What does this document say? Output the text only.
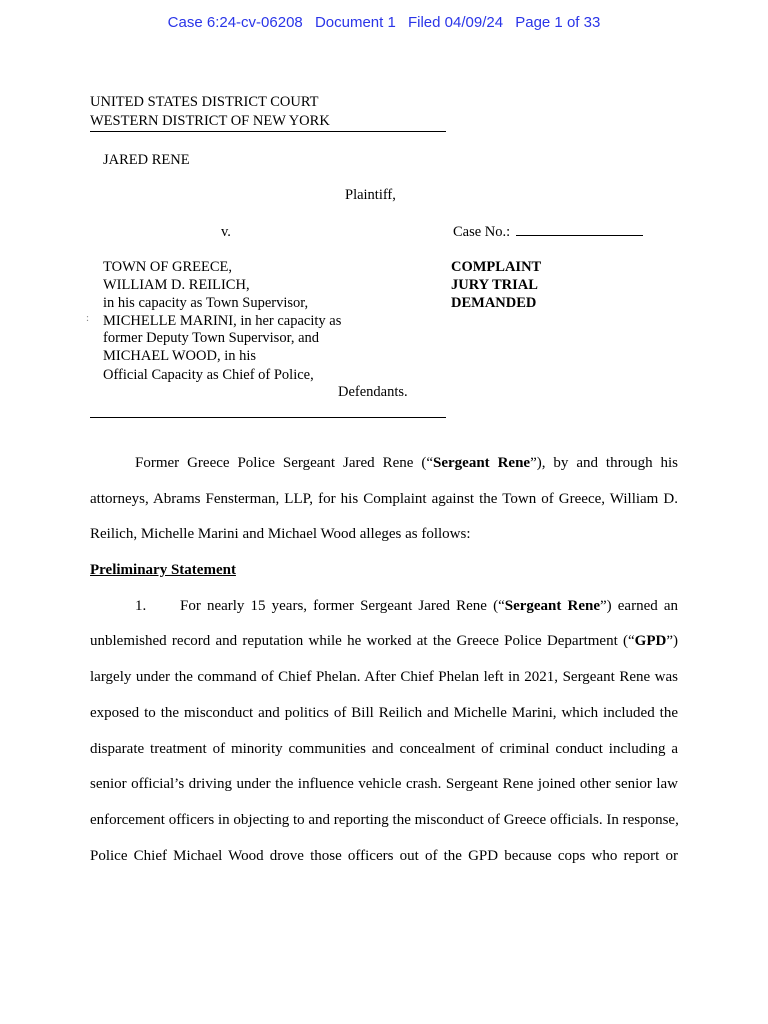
Case 6:24-cv-06208 Document 1 Filed 04/09/24 Page 1 of 33
UNITED STATES DISTRICT COURT
WESTERN DISTRICT OF NEW YORK
JARED RENE
Plaintiff,
v.	Case No.:
TOWN OF GREECE,
WILLIAM D. REILICH,
in his capacity as Town Supervisor,
: MICHELLE MARINI, in her capacity as
former Deputy Town Supervisor, and
MICHAEL WOOD, in his
Official Capacity as Chief of Police,
Defendants.
COMPLAINT
JURY TRIAL
DEMANDED
Former Greece Police Sergeant Jared Rene (“Sergeant Rene”), by and through his
attorneys, Abrams Fensterman, LLP, for his Complaint against the Town of Greece, William D.
Reilich, Michelle Marini and Michael Wood alleges as follows:
Preliminary Statement
1. For nearly 15 years, former Sergeant Jared Rene (“Sergeant Rene”) earned an
unblemished record and reputation while he worked at the Greece Police Department (“GPD”)
largely under the command of Chief Phelan. After Chief Phelan left in 2021, Sergeant Rene was
exposed to the misconduct and politics of Bill Reilich and Michelle Marini, which included the
disparate treatment of minority communities and concealment of criminal conduct including a
senior official’s driving under the influence vehicle crash. Sergeant Rene joined other senior law
enforcement officers in objecting to and reporting the misconduct of Greece officials. In response,
Police Chief Michael Wood drove those officers out of the GPD because cops who report or
